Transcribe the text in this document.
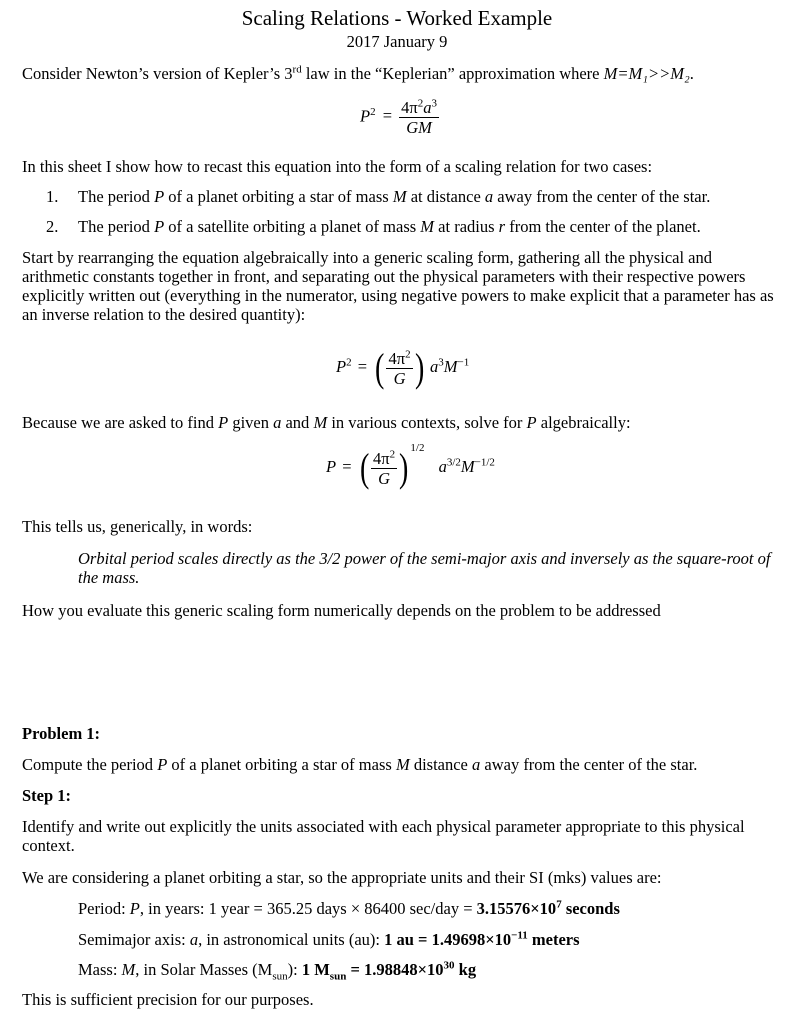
Scaling Relations - Worked Example
2017 January 9
Consider Newton’s version of Kepler’s 3rd law in the “Keplerian” approximation where M=M₁>>M₂.
$P^2 = \frac{4\pi^2a^3}{GM}$
In this sheet I show how to recast this equation into the form of a scaling relation for two cases:
1. The period P of a planet orbiting a star of mass M at distance a away from the center of the star.
2. The period P of a satellite orbiting a planet of mass M at radius r from the center of the planet.
Start by rearranging the equation algebraically into a generic scaling form, gathering all the physical and arithmetic constants together in front, and separating out the physical parameters with their respective powers explicitly written out (everything in the numerator, using negative powers to make explicit that a parameter has as an inverse relation to the desired quantity):
$P^2$ = ( $\frac{4\pi^2}{G}$ ) $a^3M^{-1}$
Because we are asked to find P given a and M in various contexts, solve for P algebraically:
P = ( $\frac{4\pi^2}{G}$ ) $^{1/2}$ $a^{3/2}M^{-1/2}$
This tells us, generically, in words:
Orbital period scales directly as the 3/2 power of the semi-major axis and inversely as the square-root of the mass.
How you evaluate this generic scaling form numerically depends on the problem to be addressed
Problem 1:
Compute the period P of a planet orbiting a star of mass M distance a away from the center of the star.
Step 1:
Identify and write out explicitly the units associated with each physical parameter appropriate to this physical context.
We are considering a planet orbiting a star, so the appropriate units and their SI (mks) values are:
Period: P, in years: 1 year = 365.25 days × 86400 $\sec/day = 3.15576\times 10^7$ seconds
Semimajor axis: a, in astronomical units (au): 1 au = $1.49698\times 10^{-11}$ meters
Mass: M, in Solar Masses $(M_{sun})$: 1 $M_{sun} = 1.98848\times 10^{30}$ kg
This is sufficient precision for our purposes.
